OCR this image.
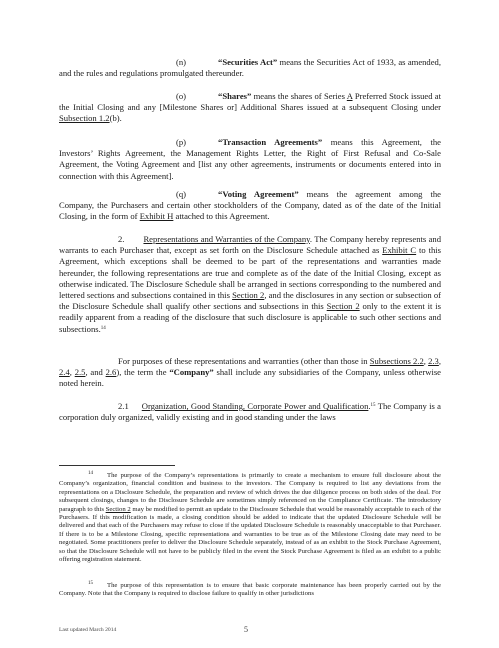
(n)	“Securities Act” means the Securities Act of 1933, as amended, and the rules and regulations promulgated thereunder.

(o)	“Shares” means the shares of Series A Preferred Stock issued at the Initial Closing and any [Milestone Shares or] Additional Shares issued at a subsequent Closing under Subsection 1.2(b).

(p)	“Transaction Agreements” means this Agreement, the Investors’ Rights Agreement, the Management Rights Letter, the Right of First Refusal and Co-Sale Agreement, the Voting Agreement and [list any other agreements, instruments or documents entered into in connection with this Agreement].

(q)	“Voting Agreement” means the agreement among the Company, the Purchasers and certain other stockholders of the Company, dated as of the date of the Initial Closing, in the form of Exhibit H attached to this Agreement.

2. Representations and Warranties of the Company. The Company hereby represents and warrants to each Purchaser that, except as set forth on the Disclosure Schedule attached as Exhibit C to this Agreement, which exceptions shall be deemed to be part of the representations and warranties made hereunder, the following representations are true and complete as of the date of the Initial Closing, except as otherwise indicated. The Disclosure Schedule shall be arranged in sections corresponding to the numbered and lettered sections and subsections contained in this Section 2, and the disclosures in any section or subsection of the Disclosure Schedule shall qualify other sections and subsections in this Section 2 only to the extent it is readily apparent from a reading of the disclosure that such disclosure is applicable to such other sections and subsections.$^{14}$

For purposes of these representations and warranties (other than those in Subsections 2.2, 2.3, 2.4, 2.5, and 2.6), the term the “Company” shall include any subsidiaries of the Company, unless otherwise noted herein.

2.1 Organization, Good Standing, Corporate Power and Qualification.$^{15}$ The Company is a corporation duly organized, validly existing and in good standing under the laws

$^{14}$ The purpose of the Company’s representations is primarily to create a mechanism to ensure full disclosure about the Company’s organization, financial condition and business to the investors. The Company is required to list any deviations from the representations on a Disclosure Schedule, the preparation and review of which drives the due diligence process on both sides of the deal. For subsequent closings, changes to the Disclosure Schedule are sometimes simply referenced on the Compliance Certificate. The introductory paragraph to this Section 2 may be modified to permit an update to the Disclosure Schedule that would be reasonably acceptable to each of the Purchasers. If this modification is made, a closing condition should be added to indicate that the updated Disclosure Schedule will be delivered and that each of the Purchasers may refuse to close if the updated Disclosure Schedule is reasonably unacceptable to that Purchaser. If there is to be a Milestone Closing, specific representations and warranties to be true as of the Milestone Closing date may need to be negotiated. Some practitioners prefer to deliver the Disclosure Schedule separately, instead of as an exhibit to the Stock Purchase Agreement, so that the Disclosure Schedule will not have to be publicly filed in the event the Stock Purchase Agreement is filed as an exhibit to a public offering registration statement.

$^{15}$ The purpose of this representation is to ensure that basic corporate maintenance has been properly carried out by the Company. Note that the Company is required to disclose failure to qualify in other jurisdictions

Last updated March 2014	5
